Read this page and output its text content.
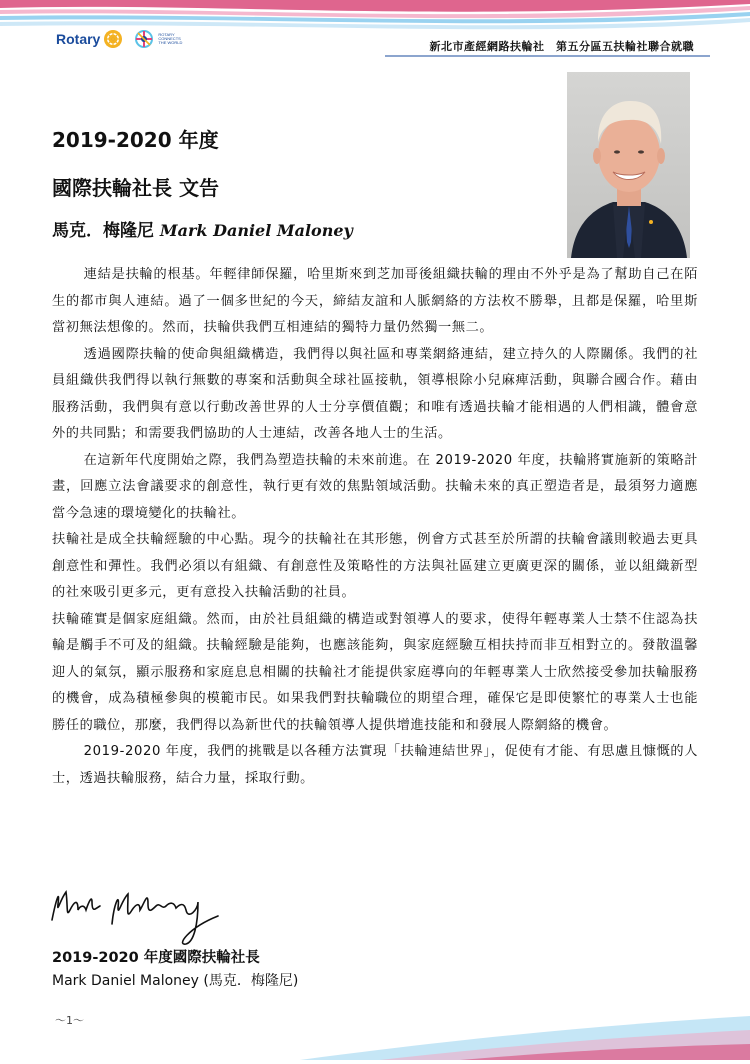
Rotary	ROTARY CONNECTS THE WORLD	新北市產經網路扶輪社　第五分區五扶輪社聯合就職
2019-2020 年度
國際扶輪社長 文告
馬克．梅隆尼 Mark Daniel Maloney

連結是扶輪的根基。年輕律師保羅，哈里斯來到芝加哥後組織扶輪的理由不外乎是為了幫助自己在陌生的都市與人連結。過了一個多世紀的今天，締結友誼和人脈網絡的方法枚不勝舉，且都是保羅，哈里斯當初無法想像的。然而，扶輪供我們互相連結的獨特力量仍然獨一無二。

透過國際扶輪的使命與組織構造，我們得以與社區和專業網絡連結，建立持久的人際關係。我們的社員組織供我們得以執行無數的專案和活動與全球社區接軌，領導根除小兒麻痺活動，與聯合國合作。藉由服務活動，我們與有意以行動改善世界的人士分享價值觀；和唯有透過扶輪才能相遇的人們相識，體會意外的共同點；和需要我們協助的人士連結，改善各地人士的生活。

在這新年代度開始之際，我們為塑造扶輪的未來前進。在 2019-2020 年度，扶輪將實施新的策略計畫，回應立法會議要求的創意性，執行更有效的焦點領域活動。扶輪未來的真正塑造者是，最須努力適應當今急速的環境變化的扶輪社。

扶輪社是成全扶輪經驗的中心點。現今的扶輪社在其形態，例會方式甚至於所謂的扶輪會議則較過去更具創意性和彈性。我們必須以有組織、有創意性及策略性的方法與社區建立更廣更深的關係，並以組織新型的社來吸引更多元，更有意投入扶輪活動的社員。

扶輪確實是個家庭組織。然而，由於社員組織的構造或對領導人的要求，使得年輕專業人士禁不住認為扶輪是觸手不可及的組織。扶輪經驗是能夠，也應該能夠，與家庭經驗互相扶持而非互相對立的。發散溫馨迎人的氣氛，顯示服務和家庭息息相關的扶輪社才能提供家庭導向的年輕專業人士欣然接受參加扶輪服務的機會，成為積極參與的模範市民。如果我們對扶輪職位的期望合理，確保它是即使繁忙的專業人士也能勝任的職位，那麼，我們得以為新世代的扶輪領導人提供增進技能和和發展人際網絡的機會。

2019-2020 年度，我們的挑戰是以各種方法實現「扶輪連結世界」，促使有才能、有思慮且慷慨的人士，透過扶輪服務，結合力量，採取行動。

2019-2020 年度國際扶輪社長
Mark Daniel Maloney (馬克．梅隆尼)
～1～
